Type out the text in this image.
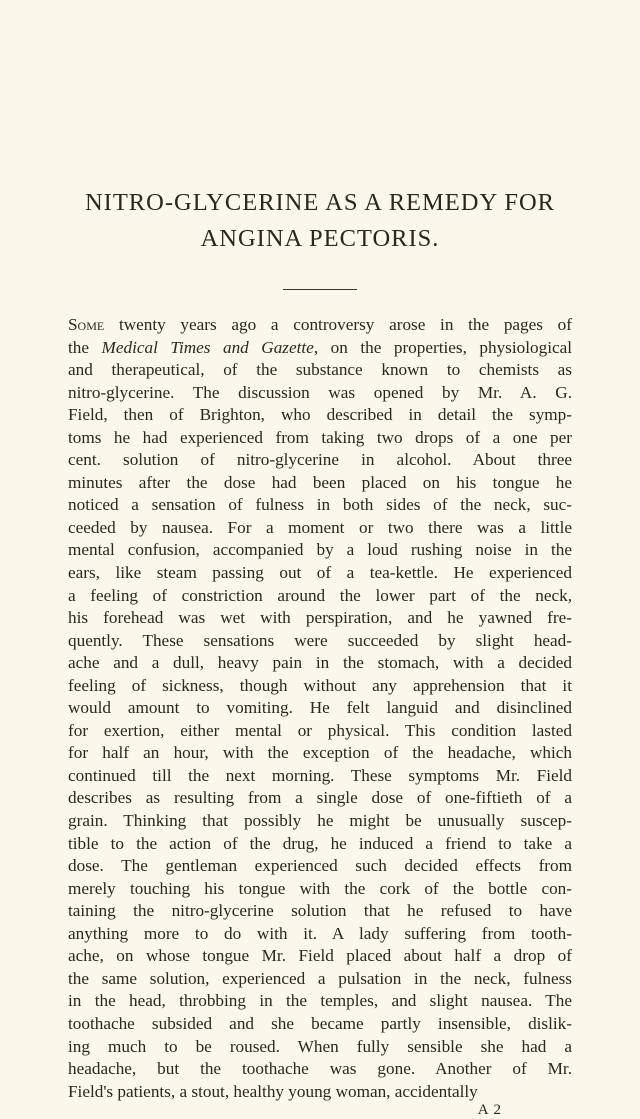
NITRO-GLYCERINE AS A REMEDY FOR
ANGINA PECTORIS.
Some twenty years ago a controversy arose in the pages of
the Medical Times and Gazette, on the properties, physiological
and therapeutical, of the substance known to chemists as
nitro-glycerine. The discussion was opened by Mr. A. G.
Field, then of Brighton, who described in detail the symp-
toms he had experienced from taking two drops of a one per
cent. solution of nitro-glycerine in alcohol. About three
minutes after the dose had been placed on his tongue he
noticed a sensation of fulness in both sides of the neck, suc-
ceeded by nausea. For a moment or two there was a little
mental confusion, accompanied by a loud rushing noise in the
ears, like steam passing out of a tea-kettle. He experienced
a feeling of constriction around the lower part of the neck,
his forehead was wet with perspiration, and he yawned fre-
quently. These sensations were succeeded by slight head-
ache and a dull, heavy pain in the stomach, with a decided
feeling of sickness, though without any apprehension that it
would amount to vomiting. He felt languid and disinclined
for exertion, either mental or physical. This condition lasted
for half an hour, with the exception of the headache, which
continued till the next morning. These symptoms Mr. Field
describes as resulting from a single dose of one-fiftieth of a
grain. Thinking that possibly he might be unusually suscep-
tible to the action of the drug, he induced a friend to take a
dose. The gentleman experienced such decided effects from
merely touching his tongue with the cork of the bottle con-
taining the nitro-glycerine solution that he refused to have
anything more to do with it. A lady suffering from tooth-
ache, on whose tongue Mr. Field placed about half a drop of
the same solution, experienced a pulsation in the neck, fulness
in the head, throbbing in the temples, and slight nausea. The
toothache subsided and she became partly insensible, dislik-
ing much to be roused. When fully sensible she had a
headache, but the toothache was gone. Another of Mr.
Field's patients, a stout, healthy young woman, accidentally
A 2
